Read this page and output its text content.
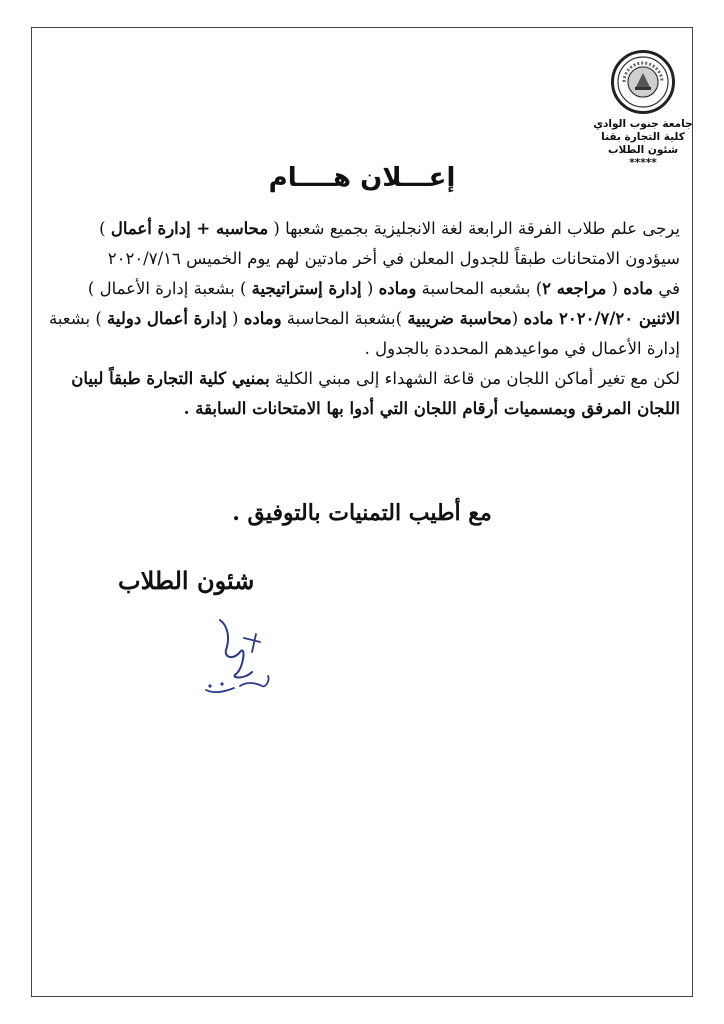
جامعة جنوب الوادي
كلية التجارة بقنا
شئون الطلاب
*****
إعـــلان هــــام

يرجى علم طلاب الفرقة الرابعة لغة الانجليزية بجميع شعبها ( محاسبه + إدارة أعمال )

سيؤدون الامتحانات طبقاً للجدول المعلن في أخر مادتين لهم يوم الخميس ٢٠٢٠/٧/١٦

في ماده ( مراجعه ٢) بشعبه المحاسبة وماده ( إدارة إستراتيجية ) بشعبة إدارة الأعمال )

الاثنين ٢٠٢٠/٧/٢٠ ماده (محاسبة ضريبية )بشعبة المحاسبة وماده ( إدارة أعمال دولية ) بشعبة

إدارة الأعمال في مواعيدهم المحددة بالجدول .

لكن مع تغير أماكن اللجان من قاعة الشهداء إلى مبني الكلية بمنيي كلية التجارة طبقاً لبيان

اللجان المرفق وبمسميات أرقام اللجان التي أدوا بها الامتحانات السابقة .

مع أطيب التمنيات بالتوفيق .
شئون الطلاب
